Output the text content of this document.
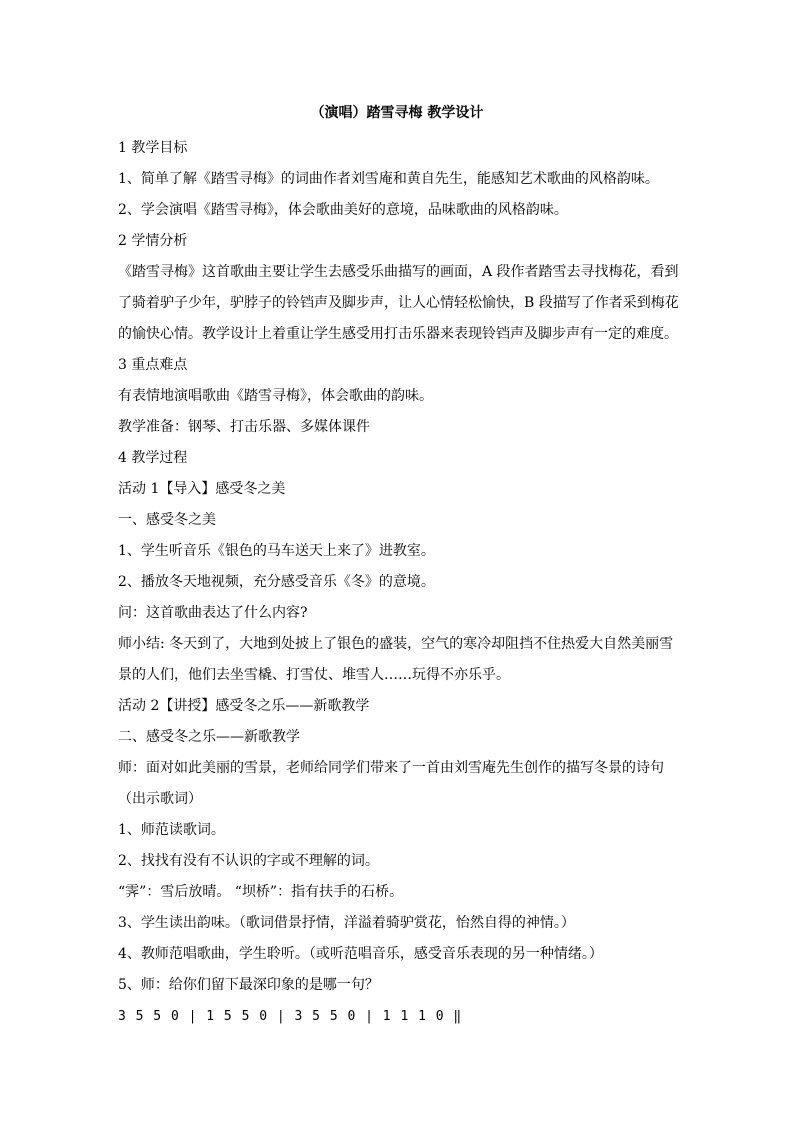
（演唱）踏雪寻梅 教学设计
1 教学目标
1、简单了解《踏雪寻梅》的词曲作者刘雪庵和黄自先生，能感知艺术歌曲的风格韵味。
2、学会演唱《踏雪寻梅》，体会歌曲美好的意境，品味歌曲的风格韵味。
2 学情分析
《踏雪寻梅》这首歌曲主要让学生去感受乐曲描写的画面，A 段作者踏雪去寻找梅花，看到
了骑着驴子少年，驴脖子的铃铛声及脚步声，让人心情轻松愉快，B 段描写了作者采到梅花
的愉快心情。教学设计上着重让学生感受用打击乐器来表现铃铛声及脚步声有一定的难度。
3 重点难点
有表情地演唱歌曲《踏雪寻梅》，体会歌曲的韵味。
教学准备：钢琴、打击乐器、多媒体课件
4 教学过程
活动 1【导入】感受冬之美
一、感受冬之美
1、学生听音乐《银色的马车送天上来了》进教室。
2、播放冬天地视频，充分感受音乐《冬》的意境。
问：这首歌曲表达了什么内容?
师小结: 冬天到了，大地到处披上了银色的盛装，空气的寒冷却阻挡不住热爱大自然美丽雪
景的人们，他们去坐雪橇、打雪仗、堆雪人……玩得不亦乐乎。
活动 2【讲授】感受冬之乐——新歌教学
二、感受冬之乐——新歌教学
师：面对如此美丽的雪景，老师给同学们带来了一首由刘雪庵先生创作的描写冬景的诗句
（出示歌词）
1、师范读歌词。
2、找找有没有不认识的字或不理解的词。
“霁”：雪后放晴。 “坝桥”：指有扶手的石桥。
3、学生读出韵味。（歌词借景抒情，洋溢着骑驴赏花，怡然自得的神情。）
4、教师范唱歌曲，学生聆听。（或听范唱音乐，感受音乐表现的另一种情绪。）
5、师：给你们留下最深印象的是哪一句？
3 5 5 0 | 1 5 5 0 | 3 5 5 0 | 1 1 1 0 ‖
